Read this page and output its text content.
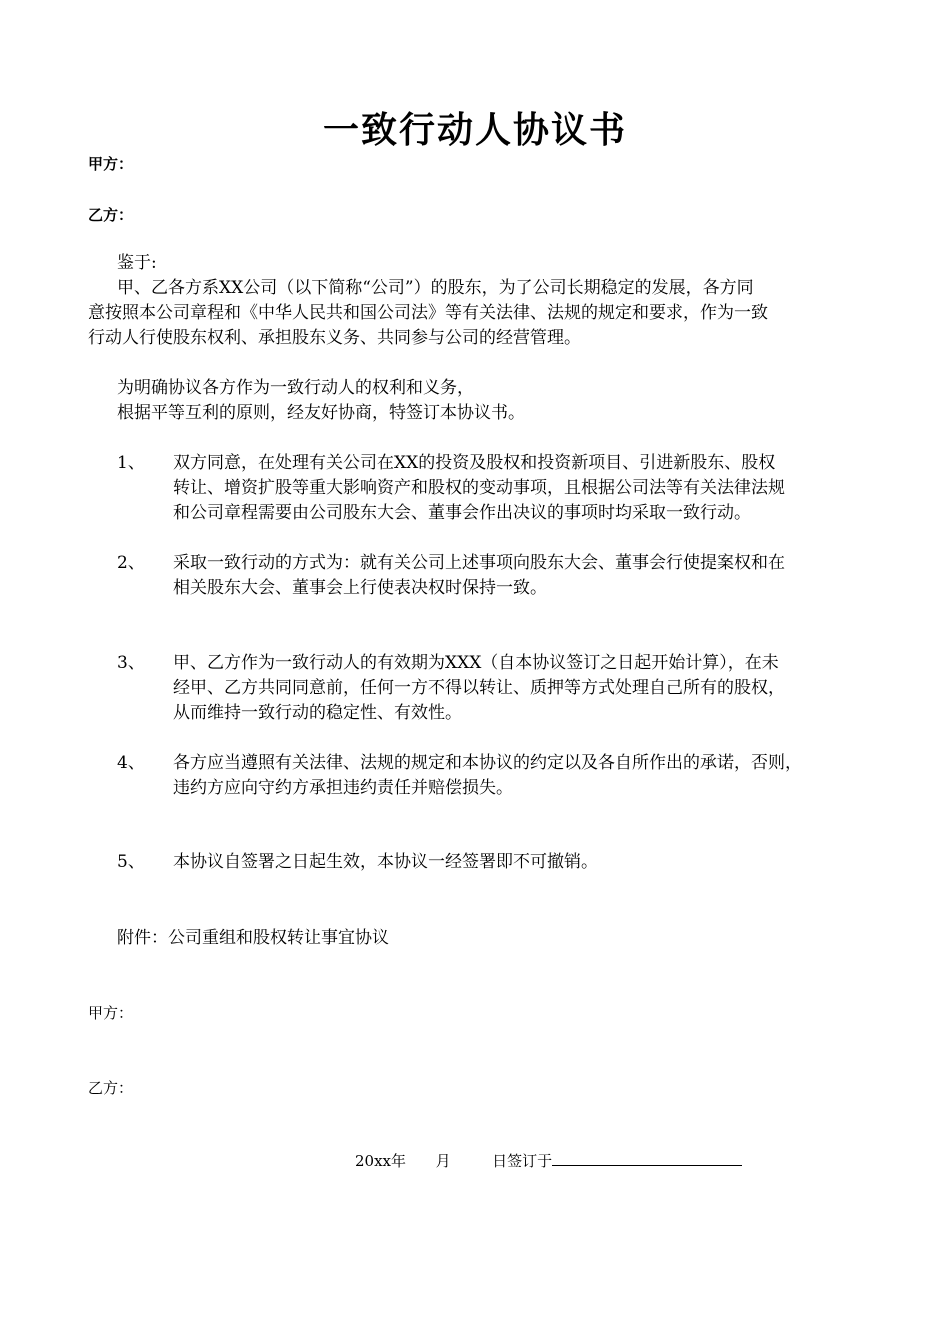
一致行动人协议书
甲方：
乙方：
鉴于:
甲、乙各方系XX公司（以下简称“公司”）的股东，为了公司长期稳定的发展，各方同
意按照本公司章程和《中华人民共和国公司法》等有关法律、法规的规定和要求，作为一致
行动人行使股东权利、承担股东义务、共同参与公司的经营管理。
为明确协议各方作为一致行动人的权利和义务，
根据平等互利的原则，经友好协商，特签订本协议书。
1、 双方同意，在处理有关公司在XX的投资及股权和投资新项目、引进新股东、股权
转让、增资扩股等重大影响资产和股权的变动事项，且根据公司法等有关法律法规
和公司章程需要由公司股东大会、董事会作出决议的事项时均采取一致行动。
2、 采取一致行动的方式为：就有关公司上述事项向股东大会、董事会行使提案权和在
相关股东大会、董事会上行使表决权时保持一致。
3、 甲、乙方作为一致行动人的有效期为XXX（自本协议签订之日起开始计算），在未
经甲、乙方共同同意前，任何一方不得以转让、质押等方式处理自己所有的股权，
从而维持一致行动的稳定性、有效性。
4、 各方应当遵照有关法律、法规的规定和本协议的约定以及各自所作出的承诺，否则，
违约方应向守约方承担违约责任并赔偿损失。
5、 本协议自签署之日起生效，本协议一经签署即不可撤销。
附件：公司重组和股权转让事宜协议
甲方：
乙方：
20xx年 月	日签订于
